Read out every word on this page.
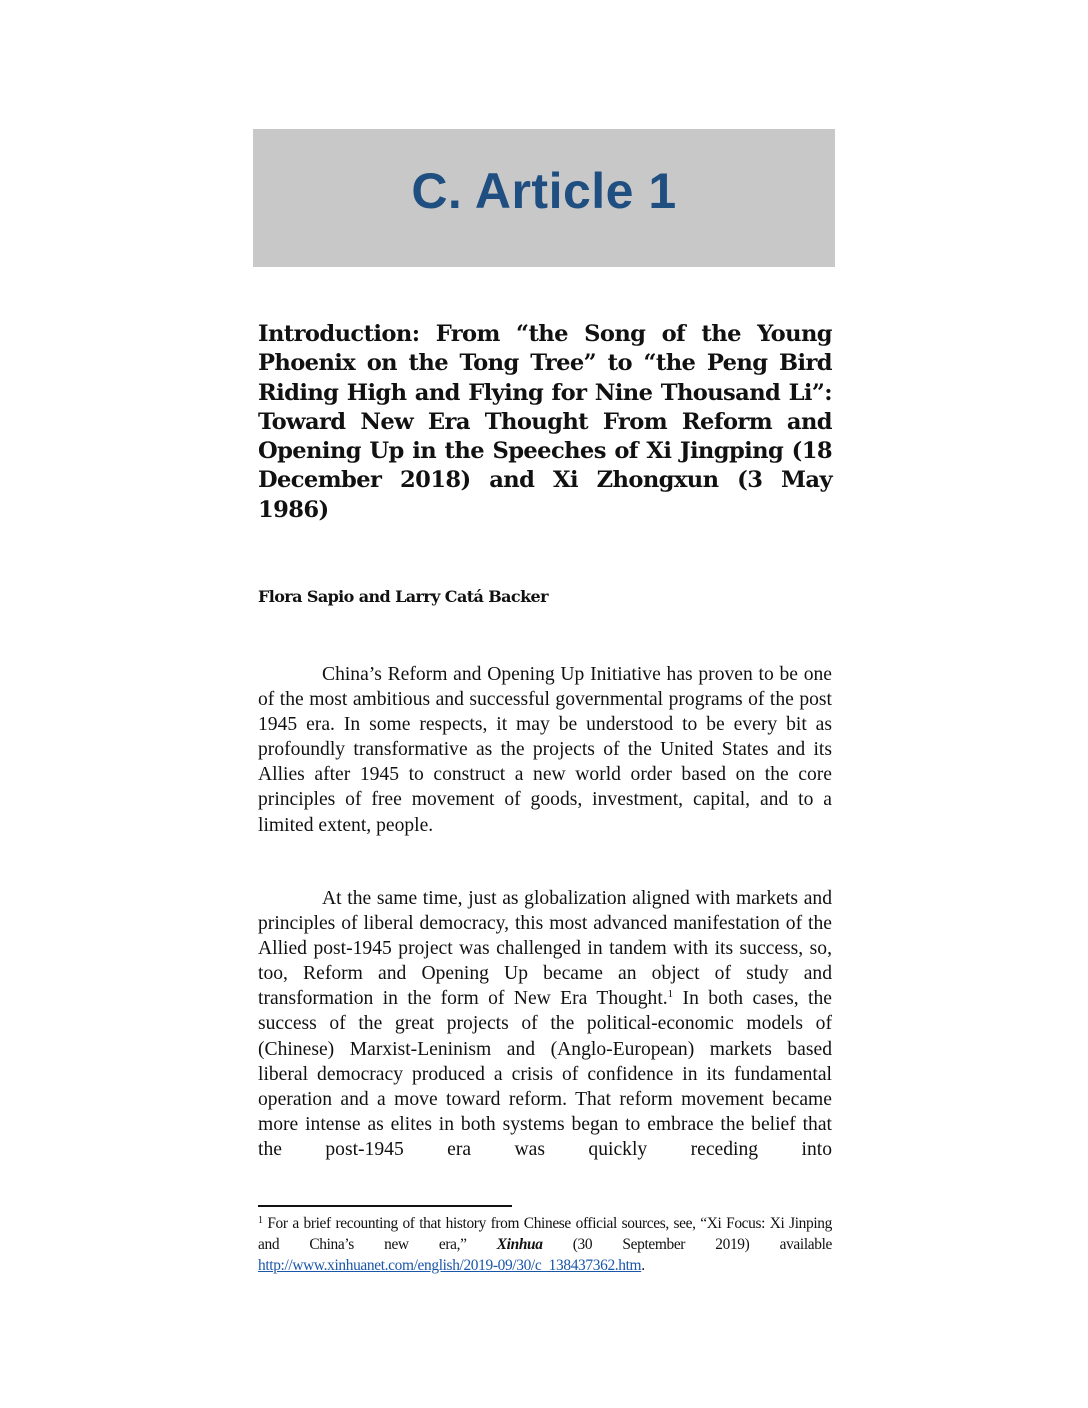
C. Article 1
Introduction: From “the Song of the Young Phoenix on the Tong Tree” to “the Peng Bird Riding High and Flying for Nine Thousand Li”: Toward New Era Thought From Reform and Opening Up in the Speeches of Xi Jingping (18 December 2018) and Xi Zhongxun (3 May 1986)
Flora Sapio and Larry Catá Backer

China’s Reform and Opening Up Initiative has proven to be one of the most ambitious and successful governmental programs of the post 1945 era. In some respects, it may be understood to be every bit as profoundly transformative as the projects of the United States and its Allies after 1945 to construct a new world order based on the core principles of free movement of goods, investment, capital, and to a limited extent, people.

At the same time, just as globalization aligned with markets and principles of liberal democracy, this most advanced manifestation of the Allied post-1945 project was challenged in tandem with its success, so, too, Reform and Opening Up became an object of study and transformation in the form of New Era Thought.$^1$ In both cases, the success of the great projects of the political-economic models of (Chinese) Marxist-Leninism and (Anglo-European) markets based liberal democracy produced a crisis of confidence in its fundamental operation and a move toward reform. That reform movement became more intense as elites in both systems began to embrace the belief that the post-1945 era was quickly receding into

$^1$ For a brief recounting of that history from Chinese official sources, see, “Xi Focus: Xi Jinping and China’s new era,” Xinhua (30 September 2019) available http://www.xinhuanet.com/english/2019-09/30/c_138437362.htm.
